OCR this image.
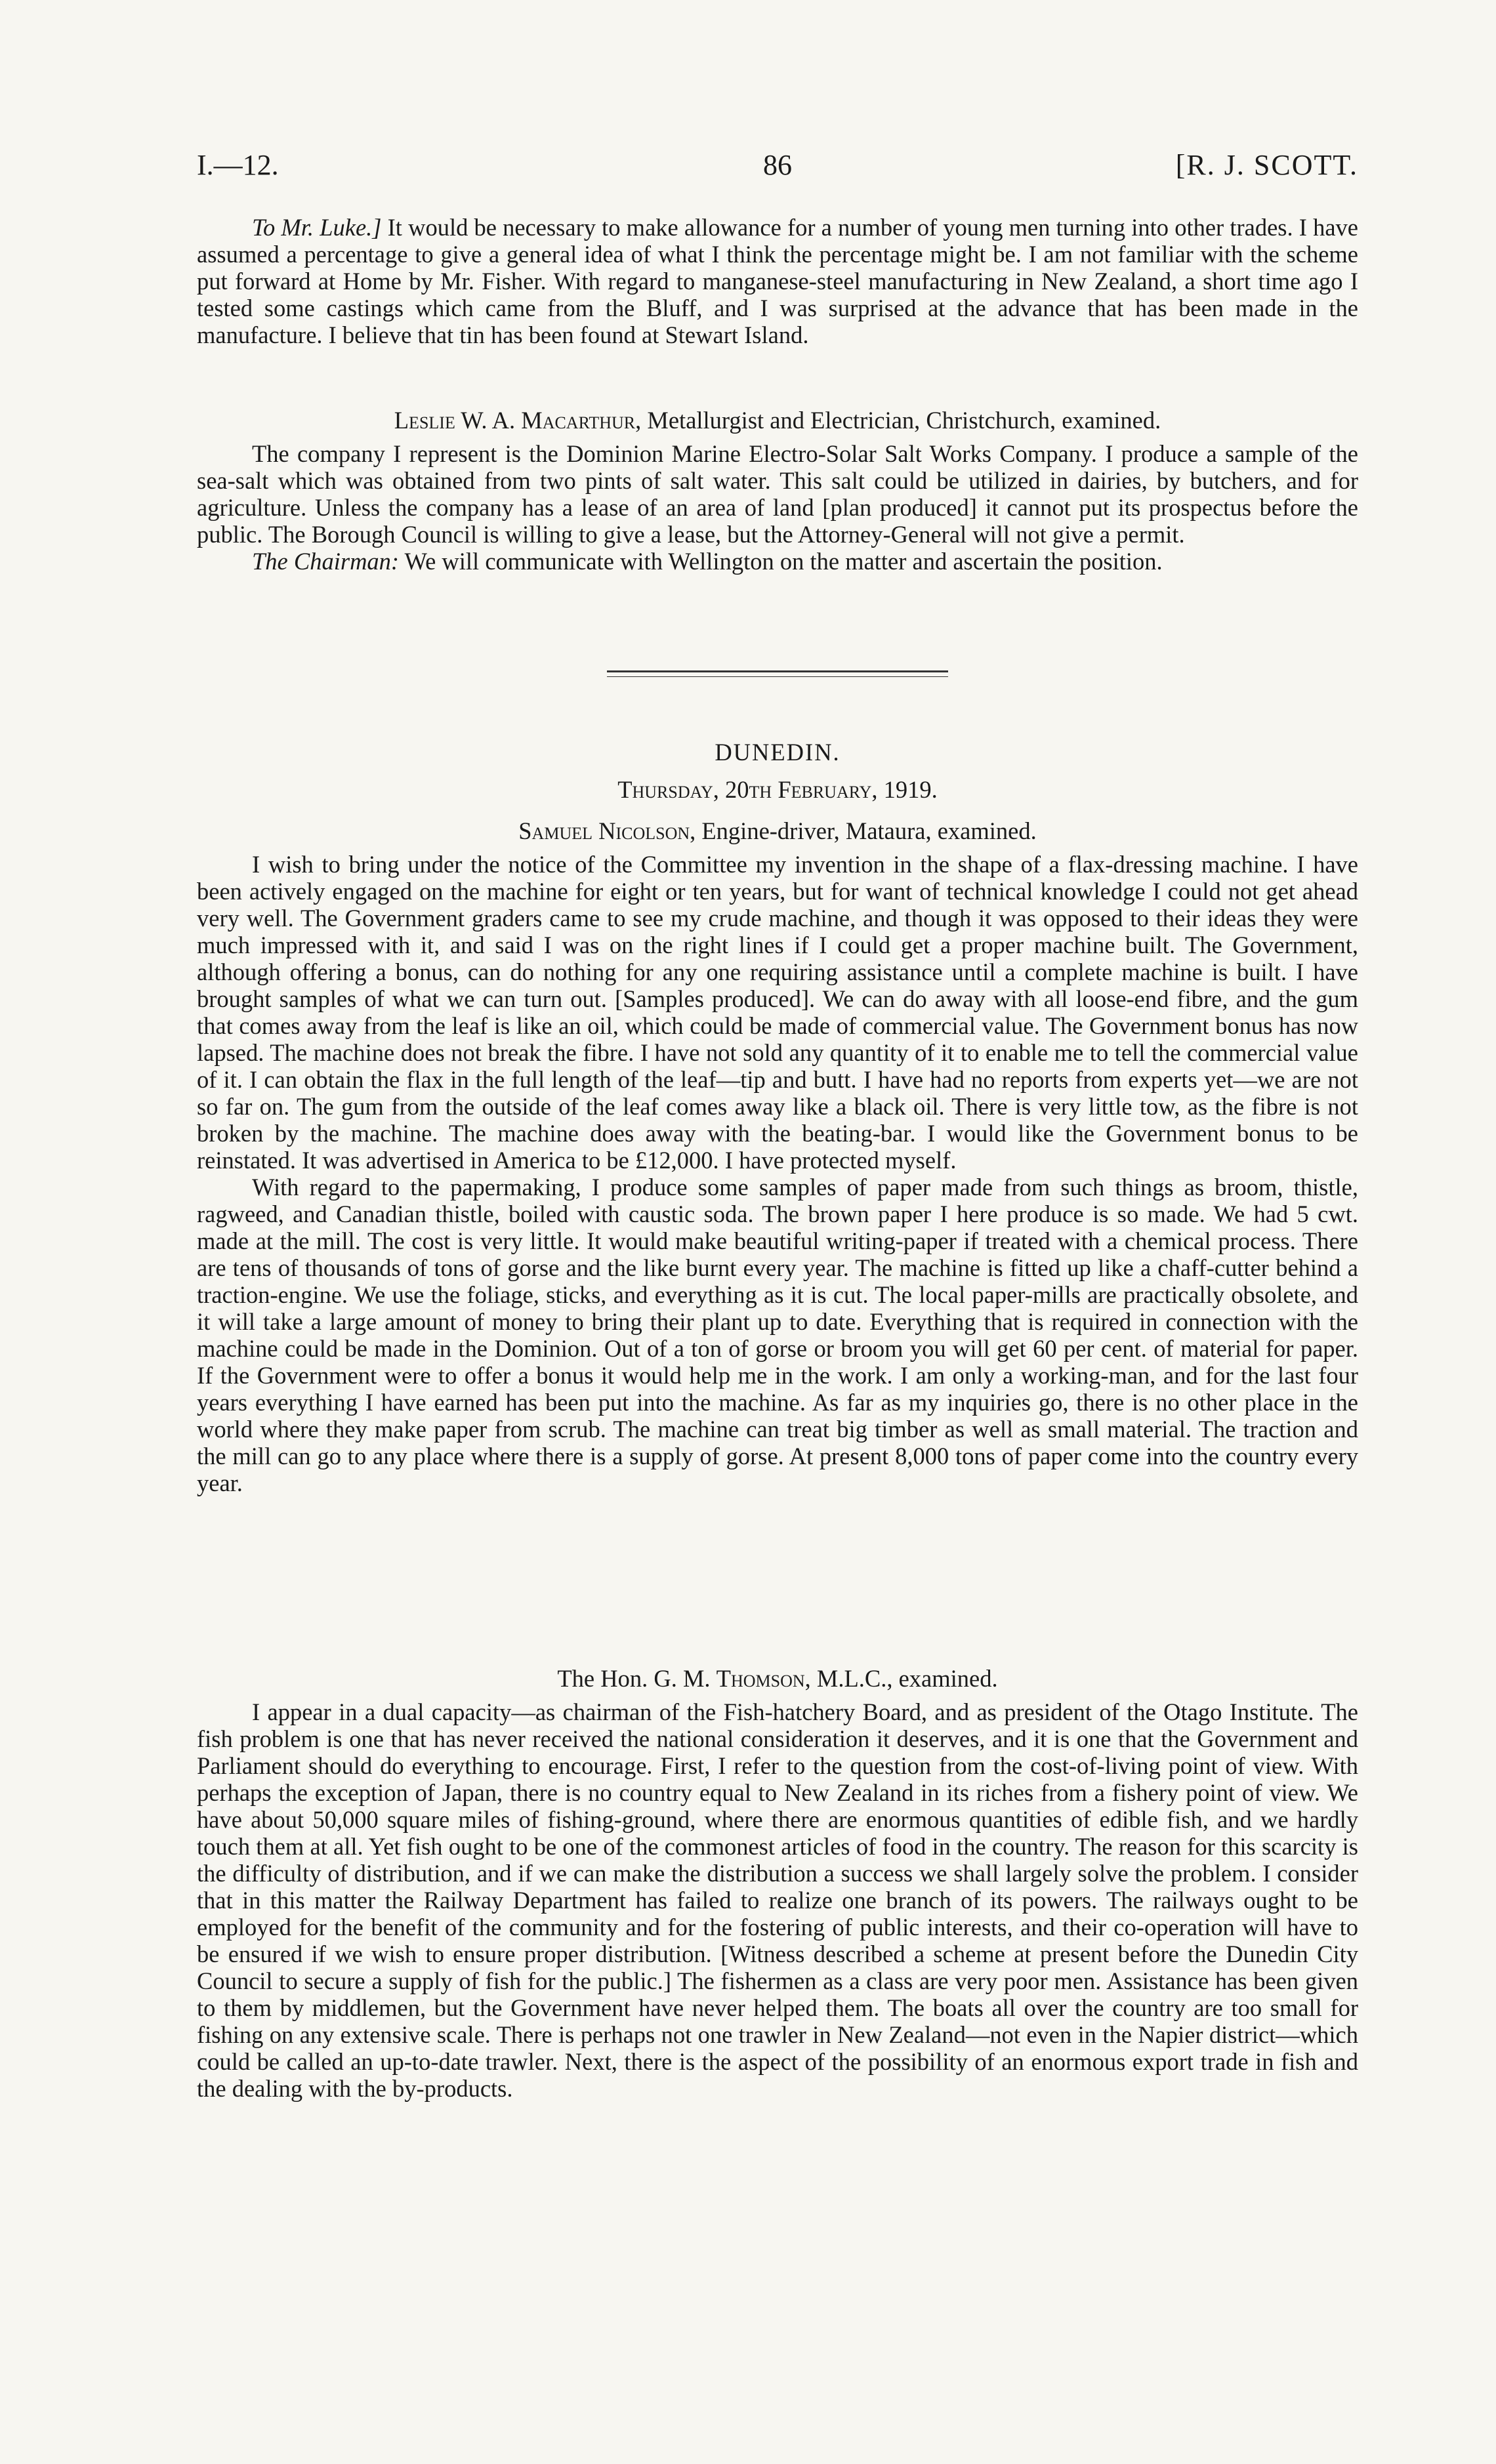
I.—12.	86	[R. J. SCOTT.

To Mr. Luke.] It would be necessary to make allowance for a number of young men turning into other trades. I have assumed a percentage to give a general idea of what I think the percentage might be. I am not familiar with the scheme put forward at Home by Mr. Fisher. With regard to manganese-steel manufacturing in New Zealand, a short time ago I tested some castings which came from the Bluff, and I was surprised at the advance that has been made in the manufacture. I believe that tin has been found at Stewart Island.

Leslie W. A. Macarthur, Metallurgist and Electrician, Christchurch, examined.

The company I represent is the Dominion Marine Electro-Solar Salt Works Company. I produce a sample of the sea-salt which was obtained from two pints of salt water. This salt could be utilized in dairies, by butchers, and for agriculture. Unless the company has a lease of an area of land [plan produced] it cannot put its prospectus before the public. The Borough Council is willing to give a lease, but the Attorney-General will not give a permit.

The Chairman: We will communicate with Wellington on the matter and ascertain the position.

DUNEDIN.

Thursday, 20th February, 1919.

Samuel Nicolson, Engine-driver, Mataura, examined.

I wish to bring under the notice of the Committee my invention in the shape of a flax-dressing machine. I have been actively engaged on the machine for eight or ten years, but for want of technical knowledge I could not get ahead very well. The Government graders came to see my crude machine, and though it was opposed to their ideas they were much impressed with it, and said I was on the right lines if I could get a proper machine built. The Government, although offering a bonus, can do nothing for any one requiring assistance until a complete machine is built. I have brought samples of what we can turn out. [Samples produced]. We can do away with all loose-end fibre, and the gum that comes away from the leaf is like an oil, which could be made of commercial value. The Government bonus has now lapsed. The machine does not break the fibre. I have not sold any quantity of it to enable me to tell the commercial value of it. I can obtain the flax in the full length of the leaf—tip and butt. I have had no reports from experts yet—we are not so far on. The gum from the outside of the leaf comes away like a black oil. There is very little tow, as the fibre is not broken by the machine. The machine does away with the beating-bar. I would like the Government bonus to be reinstated. It was advertised in America to be £12,000. I have protected myself.

With regard to the papermaking, I produce some samples of paper made from such things as broom, thistle, ragweed, and Canadian thistle, boiled with caustic soda. The brown paper I here produce is so made. We had 5 cwt. made at the mill. The cost is very little. It would make beautiful writing-paper if treated with a chemical process. There are tens of thousands of tons of gorse and the like burnt every year. The machine is fitted up like a chaff-cutter behind a traction-engine. We use the foliage, sticks, and everything as it is cut. The local paper-mills are practically obsolete, and it will take a large amount of money to bring their plant up to date. Everything that is required in connection with the machine could be made in the Dominion. Out of a ton of gorse or broom you will get 60 per cent. of material for paper. If the Government were to offer a bonus it would help me in the work. I am only a working-man, and for the last four years everything I have earned has been put into the machine. As far as my inquiries go, there is no other place in the world where they make paper from scrub. The machine can treat big timber as well as small material. The traction and the mill can go to any place where there is a supply of gorse. At present 8,000 tons of paper come into the country every year.

The Hon. G. M. Thomson, M.L.C., examined.

I appear in a dual capacity—as chairman of the Fish-hatchery Board, and as president of the Otago Institute. The fish problem is one that has never received the national consideration it deserves, and it is one that the Government and Parliament should do everything to encourage. First, I refer to the question from the cost-of-living point of view. With perhaps the exception of Japan, there is no country equal to New Zealand in its riches from a fishery point of view. We have about 50,000 square miles of fishing-ground, where there are enormous quantities of edible fish, and we hardly touch them at all. Yet fish ought to be one of the commonest articles of food in the country. The reason for this scarcity is the difficulty of distribution, and if we can make the distribution a success we shall largely solve the problem. I consider that in this matter the Railway Department has failed to realize one branch of its powers. The railways ought to be employed for the benefit of the community and for the fostering of public interests, and their co-operation will have to be ensured if we wish to ensure proper distribution. [Witness described a scheme at present before the Dunedin City Council to secure a supply of fish for the public.] The fishermen as a class are very poor men. Assistance has been given to them by middlemen, but the Government have never helped them. The boats all over the country are too small for fishing on any extensive scale. There is perhaps not one trawler in New Zealand—not even in the Napier district—which could be called an up-to-date trawler. Next, there is the aspect of the possibility of an enormous export trade in fish and the dealing with the by-products.
